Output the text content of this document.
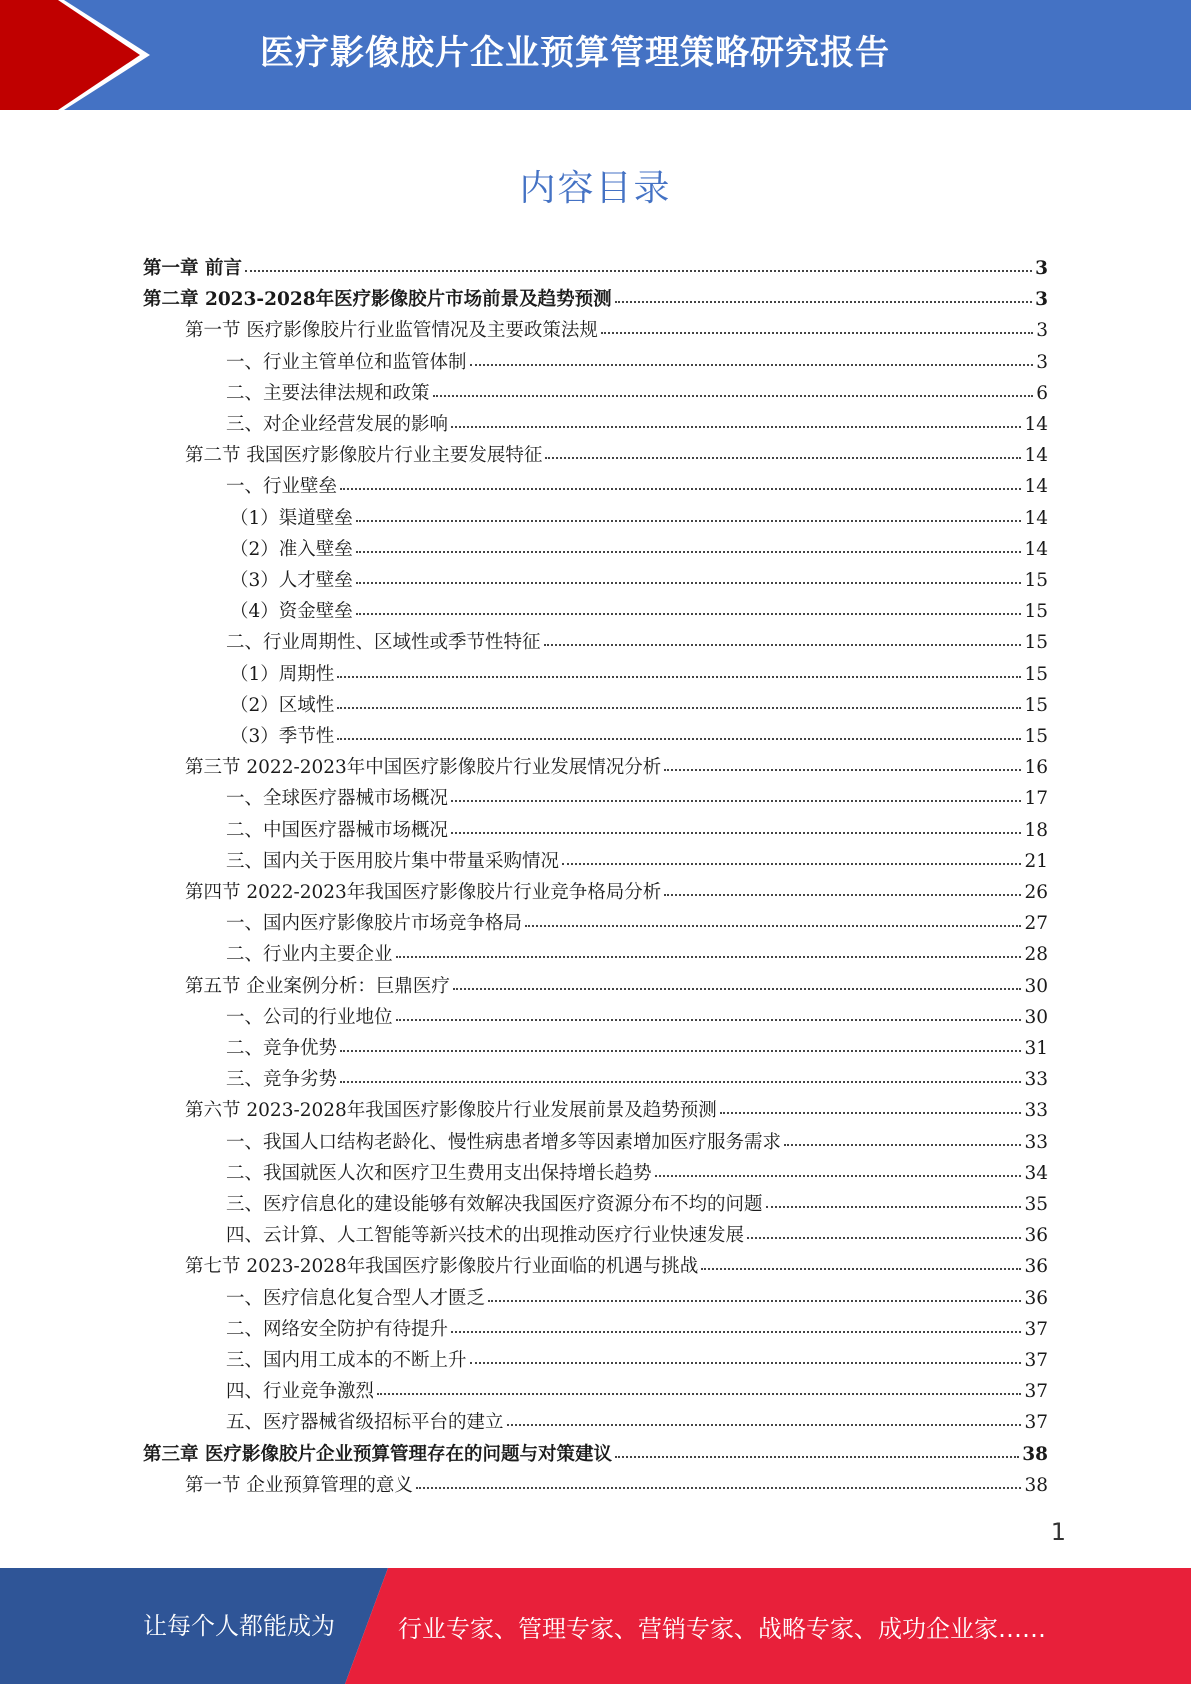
医疗影像胶片企业预算管理策略研究报告
内容目录
第一章 前言	3
第二章 2023-2028年医疗影像胶片市场前景及趋势预测	3
第一节 医疗影像胶片行业监管情况及主要政策法规	3
一、行业主管单位和监管体制	3
二、主要法律法规和政策	6
三、对企业经营发展的影响	14
第二节 我国医疗影像胶片行业主要发展特征	14
一、行业壁垒	14
（1）渠道壁垒	14
（2）准入壁垒	14
（3）人才壁垒	15
（4）资金壁垒	15
二、行业周期性、区域性或季节性特征	15
（1）周期性	15
（2）区域性	15
（3）季节性	15
第三节 2022-2023年中国医疗影像胶片行业发展情况分析	16
一、全球医疗器械市场概况	17
二、中国医疗器械市场概况	18
三、国内关于医用胶片集中带量采购情况	21
第四节 2022-2023年我国医疗影像胶片行业竞争格局分析	26
一、国内医疗影像胶片市场竞争格局	27
二、行业内主要企业	28
第五节 企业案例分析：巨鼎医疗	30
一、公司的行业地位	30
二、竞争优势	31
三、竞争劣势	33
第六节 2023-2028年我国医疗影像胶片行业发展前景及趋势预测	33
一、我国人口结构老龄化、慢性病患者增多等因素增加医疗服务需求	33
二、我国就医人次和医疗卫生费用支出保持增长趋势	34
三、医疗信息化的建设能够有效解决我国医疗资源分布不均的问题	35
四、云计算、人工智能等新兴技术的出现推动医疗行业快速发展	36
第七节 2023-2028年我国医疗影像胶片行业面临的机遇与挑战	36
一、医疗信息化复合型人才匮乏	36
二、网络安全防护有待提升	37
三、国内用工成本的不断上升	37
四、行业竞争激烈	37
五、医疗器械省级招标平台的建立	37
第三章 医疗影像胶片企业预算管理存在的问题与对策建议	38
第一节 企业预算管理的意义	38
1
让每个人都能成为	行业专家、管理专家、营销专家、战略专家、成功企业家……
